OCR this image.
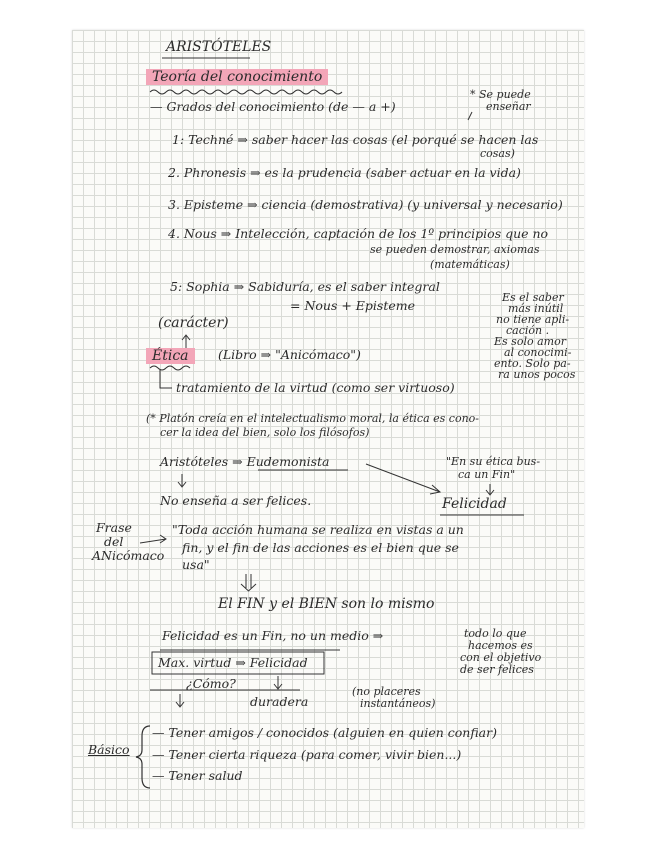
ARISTÓTELES
Teoría del conocimiento
— Grados del conocimiento (de — a +)
* Se puede
enseñar
1: Techné ⇒ saber hacer las cosas (el porqué se hacen las
cosas)
2. Phronesis ⇒ es la prudencia (saber actuar en la vida)
3. Episteme ⇒ ciencia (demostrativa) (y universal y necesario)
4. Nous ⇒ Intelección, captación de los 1º principios que no
se pueden demostrar, axiomas
(matemáticas)
5: Sophia ⇒ Sabiduría, es el saber integral
= Nous + Episteme
Es el saber
más inútil
no tiene apli-
cación .
Es solo amor
al conocimi-
ento. Solo pa-
ra unos pocos
(carácter)
Ética	(Libro ⇒ "Anicómaco")
tratamiento de la virtud (como ser virtuoso)
(* Platón creía en el intelectualismo moral, la ética es cono-
cer la idea del bien, solo los filósofos)
Aristóteles ⇒ Eudemonista
No enseña a ser felices.
"En su ética bus-
ca un Fin"
Felicidad
Frase
del
ANicómaco
"Toda acción humana se realiza en vistas a un
fin, y el fin de las acciones es el bien que se
usa"
El FIN y el BIEN son lo mismo
Felicidad es un Fin, no un medio ⇒	todo lo que
hacemos es
con el objetivo
de ser felices
Max. virtud ⇒ Felicidad
¿Cómo?
duradera
(no placeres
instantáneos)
Básico
— Tener amigos / conocidos (alguien en quien confiar)
— Tener cierta riqueza (para comer, vivir bien...)
— Tener salud
